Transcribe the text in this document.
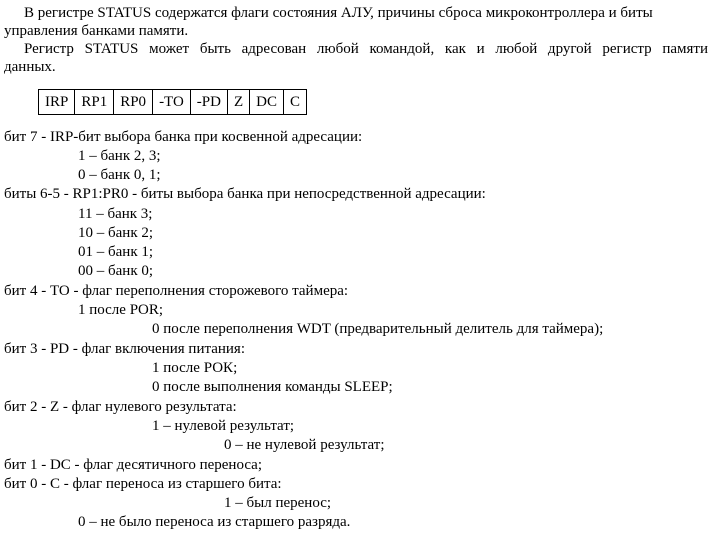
В регистре STATUS содержатся флаги состояния АЛУ, причины сброса микроконтроллера и биты
управления банками памяти.
Регистр STATUS может быть адресован любой командой, как и любой другой регистр памяти
данных.
IRP	RP1	RP0	-TO	-PD	Z	DC	C
бит 7 - IRP-бит выбора банка при косвенной адресации:
1 – банк 2, 3;
0 – банк 0, 1;
биты 6-5 - RP1:PR0 - биты выбора банка при непосредственной адресации:
11 – банк 3;
10 – банк 2;
01 – банк 1;
00 – банк 0;
бит 4 - ТО - флаг переполнения сторожевого таймера:
1 после POR;
0 после переполнения WDT (предварительный делитель для таймера);
бит 3 - PD - флаг включения питания:
1 после РОК;
0 после выполнения команды SLEEP;
бит 2 - Z - флаг нулевого результата:
1 – нулевой результат;
0 – не нулевой результат;
бит 1 - DC - флаг десятичного переноса;
бит 0 - С - флаг переноса из старшего бита:
1 – был перенос;
0 – не было переноса из старшего разряда.
